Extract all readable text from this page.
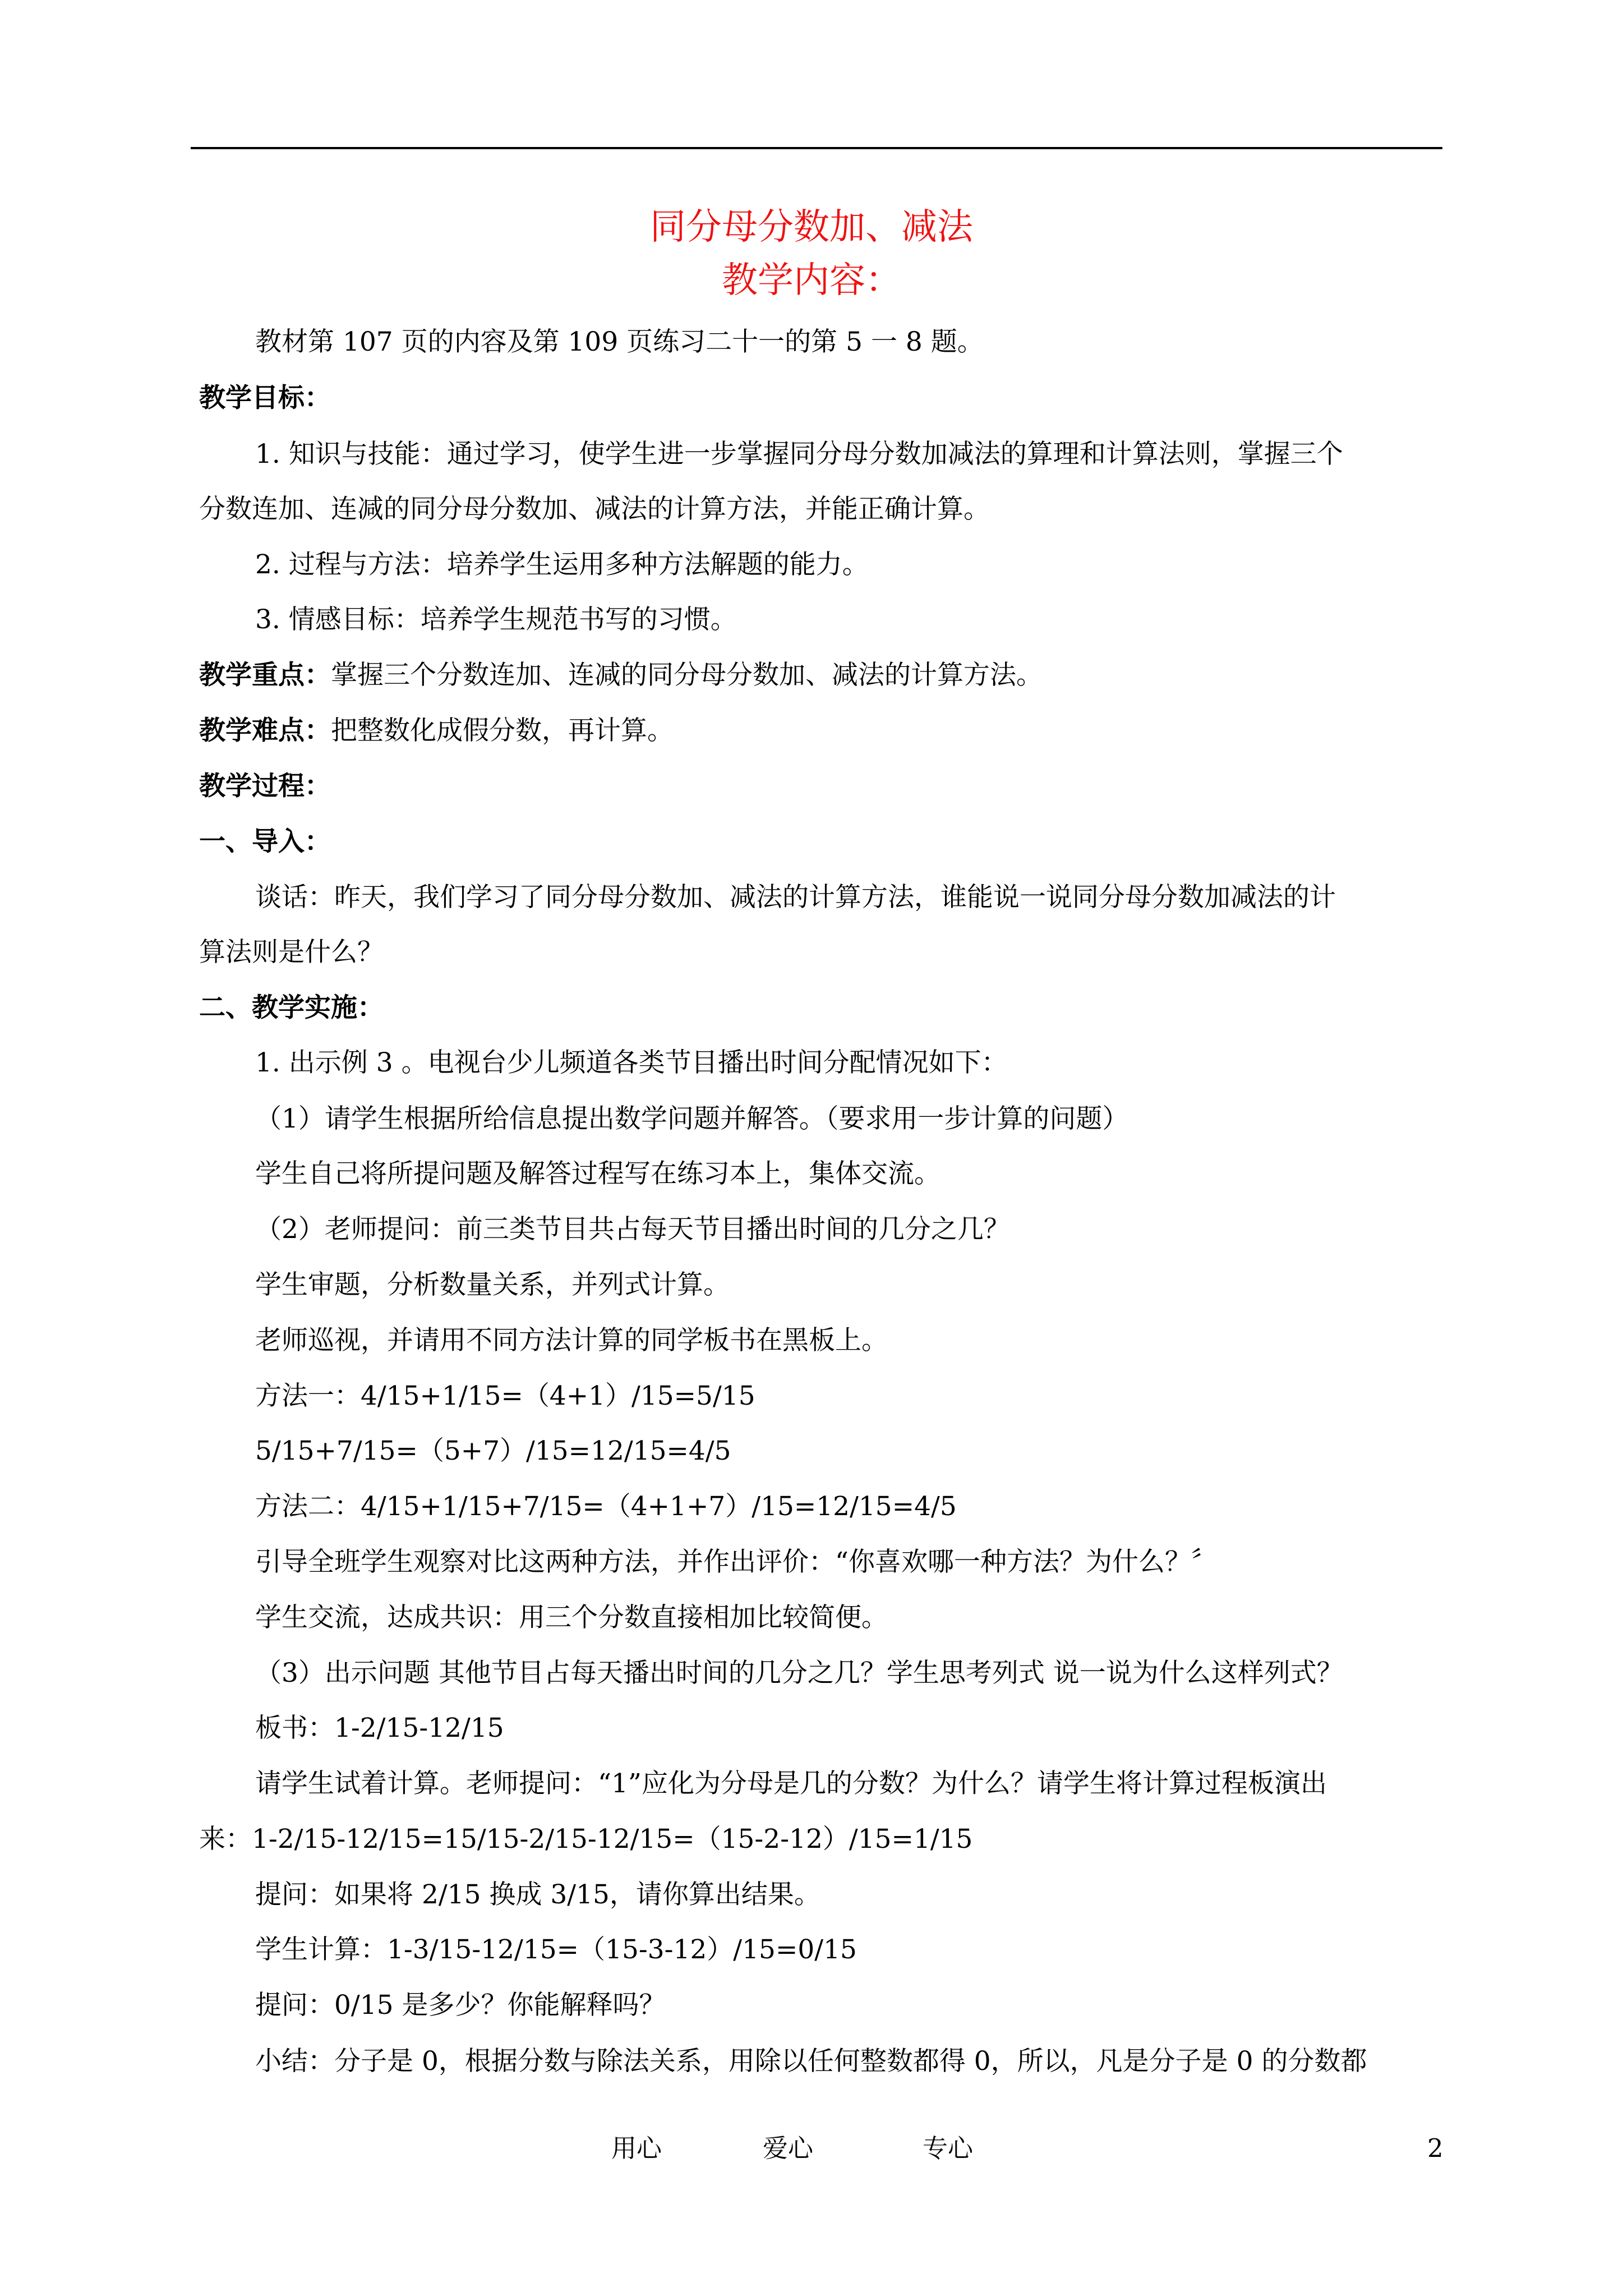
同分母分数加、减法
教学内容：
教材第 107 页的内容及第 109 页练习二十一的第 5 一 8 题。
教学目标：
1. 知识与技能：通过学习，使学生进一步掌握同分母分数加减法的算理和计算法则，掌握三个
分数连加、连减的同分母分数加、减法的计算方法，并能正确计算。
2. 过程与方法：培养学生运用多种方法解题的能力。
3. 情感目标：培养学生规范书写的习惯。
教学重点：掌握三个分数连加、连减的同分母分数加、减法的计算方法。
教学难点：把整数化成假分数，再计算。
教学过程：
一、导入：
谈话：昨天，我们学习了同分母分数加、减法的计算方法，谁能说一说同分母分数加减法的计
算法则是什么？
二、教学实施：
1. 出示例 3 。电视台少儿频道各类节目播出时间分配情况如下：
（1）请学生根据所给信息提出数学问题并解答。（要求用一步计算的问题）
学生自己将所提问题及解答过程写在练习本上，集体交流。
（2）老师提问：前三类节目共占每天节目播出时间的几分之几？
学生审题，分析数量关系，并列式计算。
老师巡视，并请用不同方法计算的同学板书在黑板上。
方法一：4/15+1/15=（4+1）/15=5/15
5/15+7/15=（5+7）/15=12/15=4/5
方法二：4/15+1/15+7/15=（4+1+7）/15=12/15=4/5
引导全班学生观察对比这两种方法，并作出评价：“你喜欢哪一种方法？为什么？〞
学生交流，达成共识：用三个分数直接相加比较简便。
（3）出示问题 其他节目占每天播出时间的几分之几？学生思考列式 说一说为什么这样列式？
板书：1-2/15-12/15
请学生试着计算。老师提问：“1”应化为分母是几的分数？为什么？请学生将计算过程板演出
来：1-2/15-12/15=15/15-2/15-12/15=（15-2-12）/15=1/15
提问：如果将 2/15 换成 3/15，请你算出结果。
学生计算：1-3/15-12/15=（15-3-12）/15=0/15
提问：0/15 是多少？你能解释吗？
小结：分子是 0，根据分数与除法关系，用除以任何整数都得 0，所以，凡是分子是 0 的分数都
用心	爱心	专心	2
